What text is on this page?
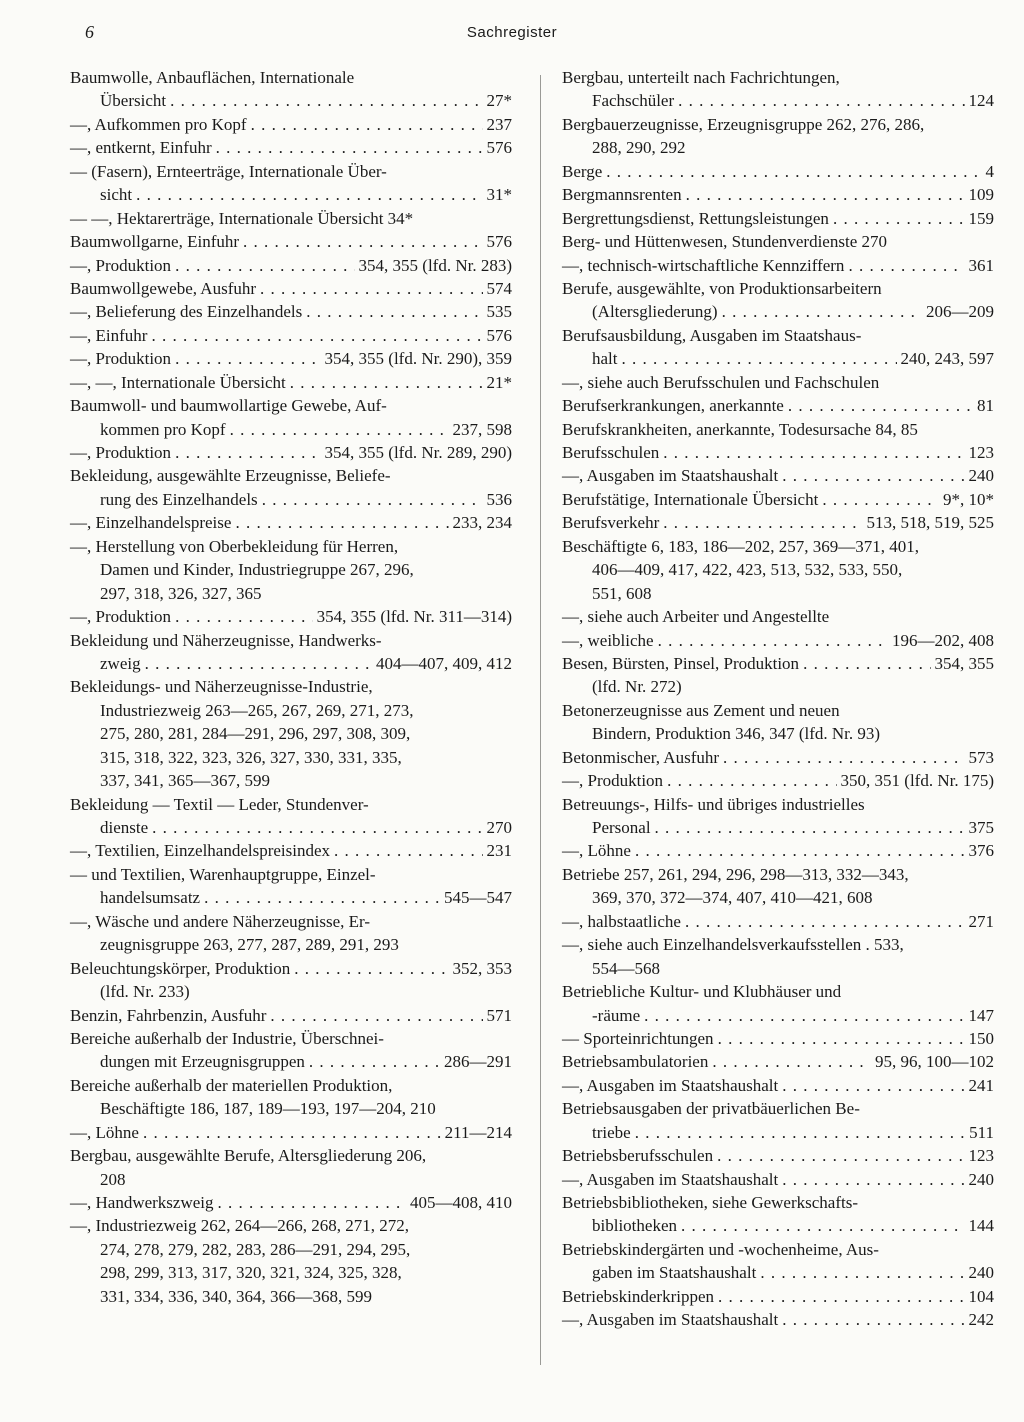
6	Sachregister
Baumwolle, Anbauflächen, Internationale
Übersicht . . .	27*
—, Aufkommen pro Kopf . . .	237
—, entkernt, Einfuhr . . .	576
— (Fasern), Ernteerträge, Internationale Über-
sicht . . .	31*
— —, Hektarerträge, Internationale Übersicht 34*
Baumwollgarne, Einfuhr . . .	576
—, Produktion . . .	354, 355 (lfd. Nr. 283)
Baumwollgewebe, Ausfuhr . . .	574
—, Belieferung des Einzelhandels . . .	535
—, Einfuhr . . .	576
—, Produktion . . .	354, 355 (lfd. Nr. 290), 359
—, —, Internationale Übersicht . . .	21*
Baumwoll- und baumwollartige Gewebe, Auf-
kommen pro Kopf . . .	237, 598
—, Produktion . . .	354, 355 (lfd. Nr. 289, 290)
Bekleidung, ausgewählte Erzeugnisse, Beliefe-
rung des Einzelhandels . . .	536
—, Einzelhandelspreise . . .	233, 234
—, Herstellung von Oberbekleidung für Herren,
Damen und Kinder, Industriegruppe 267, 296,
297, 318, 326, 327, 365
—, Produktion . . .	354, 355 (lfd. Nr. 311—314)
Bekleidung und Näherzeugnisse, Handwerks-
zweig . . .	404—407, 409, 412
Bekleidungs- und Näherzeugnisse-Industrie,
Industriezweig 263—265, 267, 269, 271, 273,
275, 280, 281, 284—291, 296, 297, 308, 309,
315, 318, 322, 323, 326, 327, 330, 331, 335,
337, 341, 365—367, 599
Bekleidung — Textil — Leder, Stundenver-
dienste . . .	270
—, Textilien, Einzelhandelspreisindex . . .	231
— und Textilien, Warenhauptgruppe, Einzel-
handelsumsatz . . .	545—547
—, Wäsche und andere Näherzeugnisse, Er-
zeugnisgruppe 263, 277, 287, 289, 291, 293
Beleuchtungskörper, Produktion . . .	352, 353
(lfd. Nr. 233)
Benzin, Fahrbenzin, Ausfuhr . . .	571
Bereiche außerhalb der Industrie, Überschnei-
dungen mit Erzeugnisgruppen . . .	286—291
Bereiche außerhalb der materiellen Produktion,
Beschäftigte 186, 187, 189—193, 197—204, 210
—, Löhne . . .	211—214
Bergbau, ausgewählte Berufe, Altersgliederung 206,
208
—, Handwerkszweig . . .	405—408, 410
—, Industriezweig 262, 264—266, 268, 271, 272,
274, 278, 279, 282, 283, 286—291, 294, 295,
298, 299, 313, 317, 320, 321, 324, 325, 328,
331, 334, 336, 340, 364, 366—368, 599
Bergbau, unterteilt nach Fachrichtungen,
Fachschüler . . .	124
Bergbauerzeugnisse, Erzeugnisgruppe 262, 276, 286,
288, 290, 292
Berge . . .	4
Bergmannsrenten . . .	109
Bergrettungsdienst, Rettungsleistungen . . .	159
Berg- und Hüttenwesen, Stundenverdienste 270
—, technisch-wirtschaftliche Kennziffern . . .	361
Berufe, ausgewählte, von Produktionsarbeitern
(Altersgliederung) . . .	206—209
Berufsausbildung, Ausgaben im Staatshaus-
halt . . .	240, 243, 597
—, siehe auch Berufsschulen und Fachschulen
Berufserkrankungen, anerkannte . . .	81
Berufskrankheiten, anerkannte, Todesursache 84, 85
Berufsschulen . . .	123
—, Ausgaben im Staatshaushalt . . .	240
Berufstätige, Internationale Übersicht . . .	9*, 10*
Berufsverkehr . . .	513, 518, 519, 525
Beschäftigte 6, 183, 186—202, 257, 369—371, 401,
406—409, 417, 422, 423, 513, 532, 533, 550,
551, 608
—, siehe auch Arbeiter und Angestellte
—, weibliche . . .	196—202, 408
Besen, Bürsten, Pinsel, Produktion . . .	354, 355
(lfd. Nr. 272)
Betonerzeugnisse aus Zement und neuen
Bindern, Produktion 346, 347 (lfd. Nr. 93)
Betonmischer, Ausfuhr . . .	573
—, Produktion . . .	350, 351 (lfd. Nr. 175)
Betreuungs-, Hilfs- und übriges industrielles
Personal . . .	375
—, Löhne . . .	376
Betriebe 257, 261, 294, 296, 298—313, 332—343,
369, 370, 372—374, 407, 410—421, 608
—, halbstaatliche . . .	271
—, siehe auch Einzelhandelsverkaufsstellen . 533,
554—568
Betriebliche Kultur- und Klubhäuser und
-räume . . .	147
— Sporteinrichtungen . . .	150
Betriebsambulatorien . . .	95, 96, 100—102
—, Ausgaben im Staatshaushalt . . .	241
Betriebsausgaben der privatbäuerlichen Be-
triebe . . .	511
Betriebsberufsschulen . . .	123
—, Ausgaben im Staatshaushalt . . .	240
Betriebsbibliotheken, siehe Gewerkschafts-
bibliotheken . . .	144
Betriebskindergärten und -wochenheime, Aus-
gaben im Staatshaushalt . . .	240
Betriebskinderkrippen . . .	104
—, Ausgaben im Staatshaushalt . . .	242
